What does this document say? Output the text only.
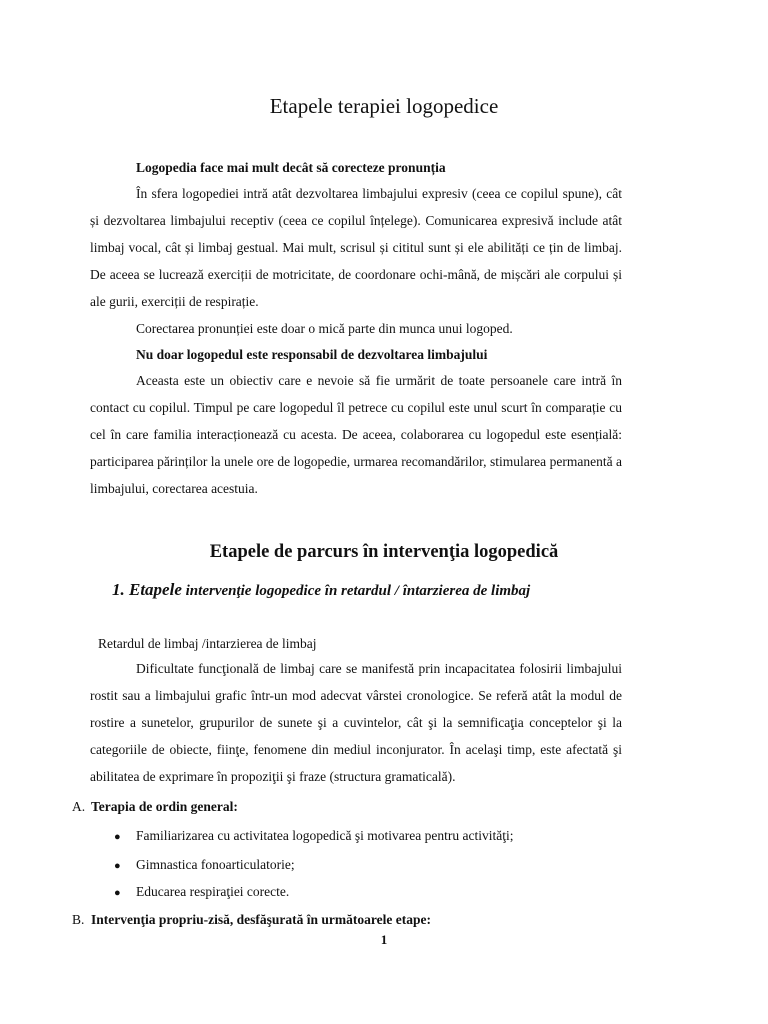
Etapele terapiei logopedice
Logopedia face mai mult decât să corecteze pronunția

În sfera logopediei intră atât dezvoltarea limbajului expresiv (ceea ce copilul spune), cât și dezvoltarea limbajului receptiv (ceea ce copilul înțelege). Comunicarea expresivă include atât limbaj vocal, cât și limbaj gestual. Mai mult, scrisul și cititul sunt și ele abilități ce țin de limbaj. De aceea se lucrează exerciții de motricitate, de coordonare ochi-mână, de mișcări ale corpului și ale gurii, exerciții de respirație.

Corectarea pronunției este doar o mică parte din munca unui logoped.
Nu doar logopedul este responsabil de dezvoltarea limbajului

Aceasta este un obiectiv care e nevoie să fie urmărit de toate persoanele care intră în contact cu copilul. Timpul pe care logopedul îl petrece cu copilul este unul scurt în comparație cu cel în care familia interacționează cu acesta. De aceea, colaborarea cu logopedul este esențială: participarea părinților la unele ore de logopedie, urmarea recomandărilor, stimularea permanentă a limbajului, corectarea acestuia.

Etapele de parcurs în intervenţia logopedică
1. Etapele intervenţie logopedice în retardul / întarzierea de limbaj
Retardul de limbaj /intarzierea de limbaj

Dificultate funcţională de limbaj care se manifestă prin incapacitatea folosirii limbajului rostit sau a limbajului grafic într-un mod adecvat vârstei cronologice. Se referă atât la modul de rostire a sunetelor, grupurilor de sunete şi a cuvintelor, cât şi la semnificaţia conceptelor şi la categoriile de obiecte, fiinţe, fenomene din mediul inconjurator. În acelaşi timp, este afectată şi abilitatea de exprimare în propoziţii şi fraze (structura gramaticală).

A. Terapia de ordin general:
● Familiarizarea cu activitatea logopedică şi motivarea pentru activităţi;
● Gimnastica fonoarticulatorie;
● Educarea respiraţiei corecte.
B. Intervenţia propriu-zisă, desfăşurată în următoarele etape:
1
